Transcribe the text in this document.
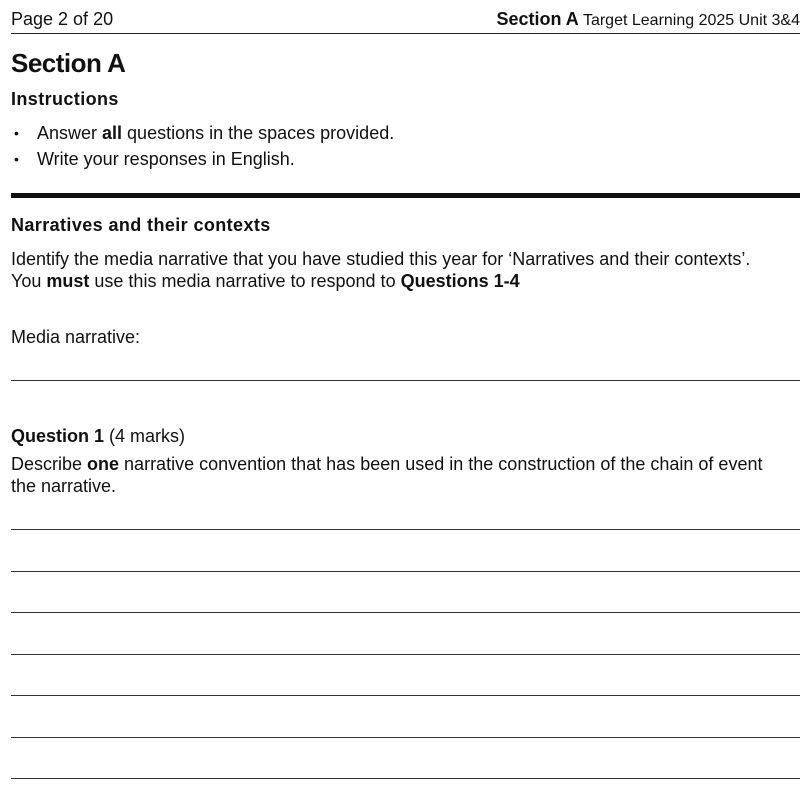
Page 2 of 20	Section A Target Learning 2025 Unit 3&4
Section A
Instructions
• Answer all questions in the spaces provided.
• Write your responses in English.
Narratives and their contexts
Identify the media narrative that you have studied this year for ‘Narratives and their contexts’.
You must use this media narrative to respond to Questions 1-4
Media narrative:
Question 1 (4 marks)
Describe one narrative convention that has been used in the construction of the chain of event
the narrative.
